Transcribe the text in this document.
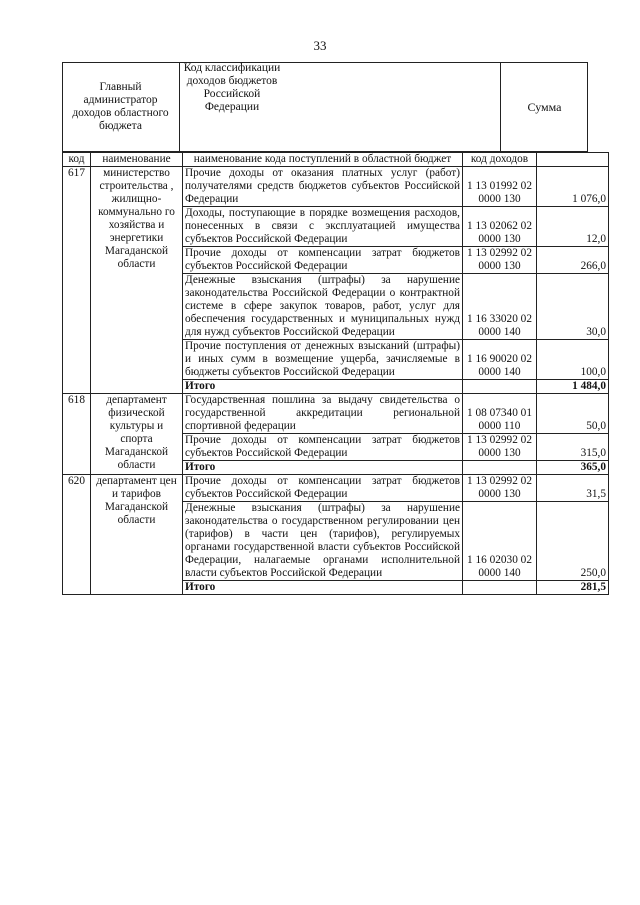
33
Главный администратор доходов областного бюджета
Код классификации доходов бюджетов Российской Федерации	Сумма
код	наименование	наименование кода поступлений в областной бюджет	код доходов	
617	министерство строительства , жилищно-коммунально го хозяйства и энергетики Магаданской области	Прочие доходы от оказания платных услуг (работ) получателями средств бюджетов субъектов Российской Федерации	1 13 01992 02 0000 130	1 076,0
		Доходы, поступающие в порядке возмещения расходов, понесенных в связи с эксплуатацией имущества субъектов Российской Федерации	1 13 02062 02 0000 130	12,0
		Прочие доходы от компенсации затрат бюджетов субъектов Российской Федерации	1 13 02992 02 0000 130	266,0
		Денежные взыскания (штрафы) за нарушение законодательства Российской Федерации о контрактной системе в сфере закупок товаров, работ, услуг для обеспечения государственных и муниципальных нужд для нужд субъектов Российской Федерации	1 16 33020 02 0000 140	30,0
		Прочие поступления от денежных взысканий (штрафы) и иных сумм в возмещение ущерба, зачисляемые в бюджеты субъектов Российской Федерации	1 16 90020 02 0000 140	100,0
		Итого		1 484,0
618	департамент физической культуры и спорта Магаданской области	Государственная пошлина за выдачу свидетельства о государственной аккредитации региональной спортивной федерации	1 08 07340 01 0000 110	50,0
		Прочие доходы от компенсации затрат бюджетов субъектов Российской Федерации	1 13 02992 02 0000 130	315,0
		Итого		365,0
620	департамент цен и тарифов Магаданской области	Прочие доходы от компенсации затрат бюджетов субъектов Российской Федерации	1 13 02992 02 0000 130	31,5
		Денежные взыскания (штрафы) за нарушение законодательства о государственном регулировании цен (тарифов) в части цен (тарифов), регулируемых органами государственной власти субъектов Российской Федерации, налагаемые органами исполнительной власти субъектов Российской Федерации	1 16 02030 02 0000 140	250,0
		Итого		281,5
